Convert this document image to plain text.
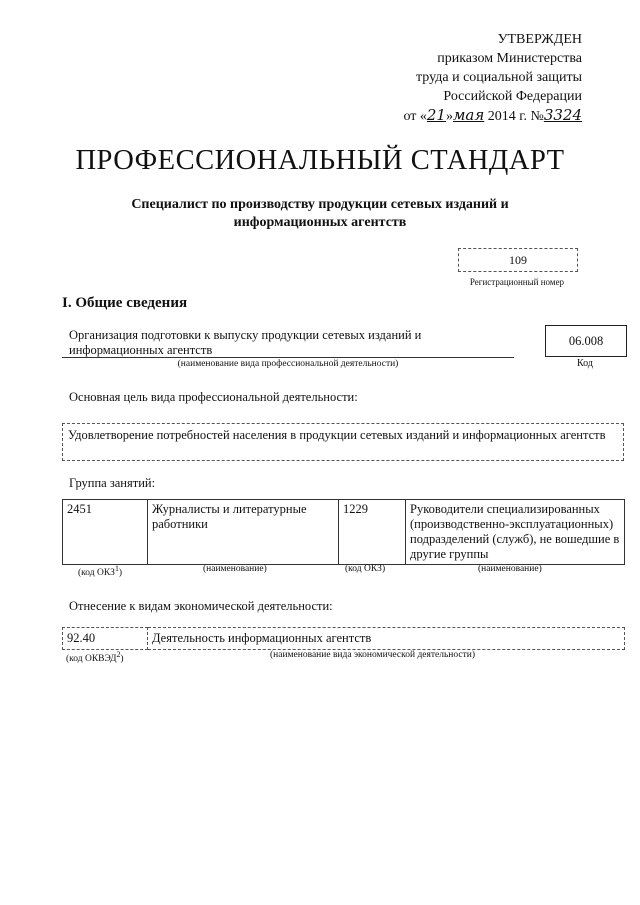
УТВЕРЖДЕН
приказом Министерства
труда и социальной защиты
Российской Федерации
от «21»мая 2014 г. №3324
ПРОФЕССИОНАЛЬНЫЙ СТАНДАРТ
Специалист по производству продукции сетевых изданий и информационных агентств
109
Регистрационный номер
I. Общие сведения
Организация подготовки к выпуску продукции сетевых изданий и информационных агентств
(наименование вида профессиональной деятельности)
06.008
Код
Основная цель вида профессиональной деятельности:
Удовлетворение потребностей населения в продукции сетевых изданий и информационных агентств
Группа занятий:
2451	Журналисты и литературные работники	1229	Руководители специализированных (производственно-эксплуатационных) подразделений (служб), не вошедшие в другие группы
(код ОКЗ$^1$)	(наименование)	(код ОКЗ)	(наименование)
Отнесение к видам экономической деятельности:
92.40	Деятельность информационных агентств
(код ОКВЭД$^2$)	(наименование вида экономической деятельности)
